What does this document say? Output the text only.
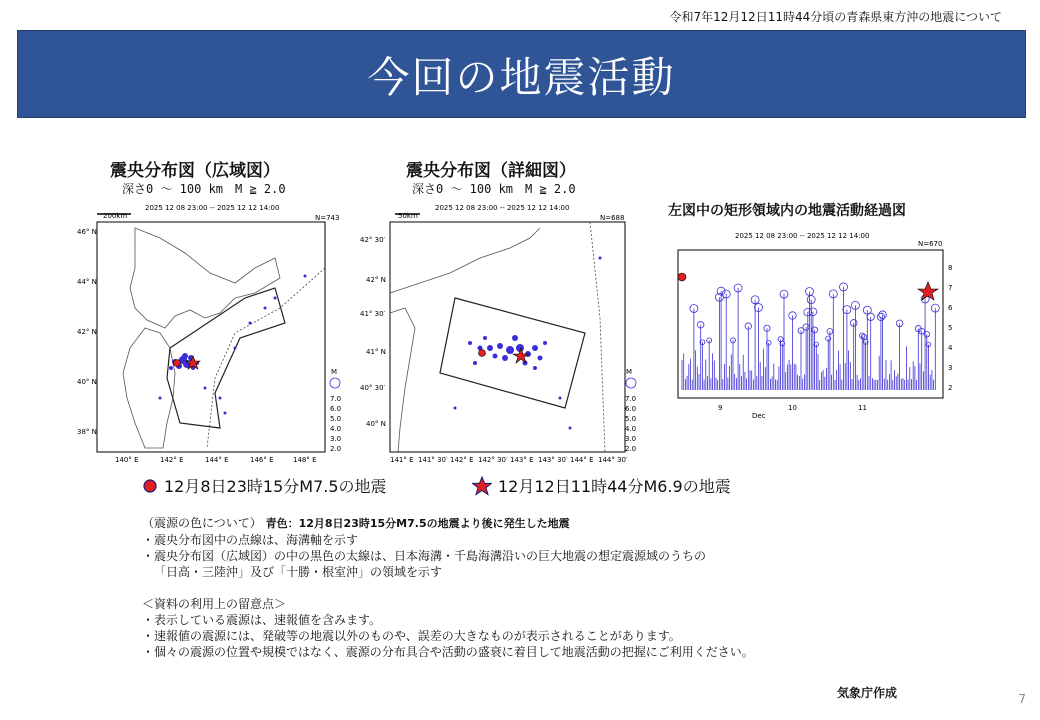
令和7年12月12日11時44分頃の青森県東方沖の地震について
今回の地震活動
震央分布図（広域図）
深さ0 ～ 100 km　M ≧ 2.0
2025 12 08 23:00 -- 2025 12 12 14:00
N=743
200km
46° N
44° N
42° N
40° N
38° N
140° E	142° E	144° E	146° E	148° E
M
7.0
6.0
5.0
4.0
3.0
2.0
震央分布図（詳細図）
深さ0 ～ 100 km　M ≧ 2.0
2025 12 08 23:00 -- 2025 12 12 14:00
N=688
50km
42° 30′
42° N
41° 30′
41° N
40° 30′
40° N
141° E 141° 30′ 142° E 142° 30′ 143° E 143° 30′ 144° E 144° 30′
M
7.0
6.0
5.0
4.0
3.0
2.0
左図中の矩形領域内の地震活動経過図
2025 12 08 23:00 -- 2025 12 12 14:00
N=670
8
7
6
5
4
3
2
9	10	11
Dec
12月8日23時15分M7.5の地震	12月12日11時44分M6.9の地震
（震源の色について） 青色：12月8日23時15分M7.5の地震より後に発生した地震
・震央分布図中の点線は、海溝軸を示す
・震央分布図（広域図）の中の黒色の太線は、日本海溝・千島海溝沿いの巨大地震の想定震源域のうちの
「日高・三陸沖」及び「十勝・根室沖」の領域を示す
＜資料の利用上の留意点＞
・表示している震源は、速報値を含みます。
・速報値の震源には、発破等の地震以外のものや、誤差の大きなものが表示されることがあります。
・個々の震源の位置や規模ではなく、震源の分布具合や活動の盛衰に着目して地震活動の把握にご利用ください。
気象庁作成	7
